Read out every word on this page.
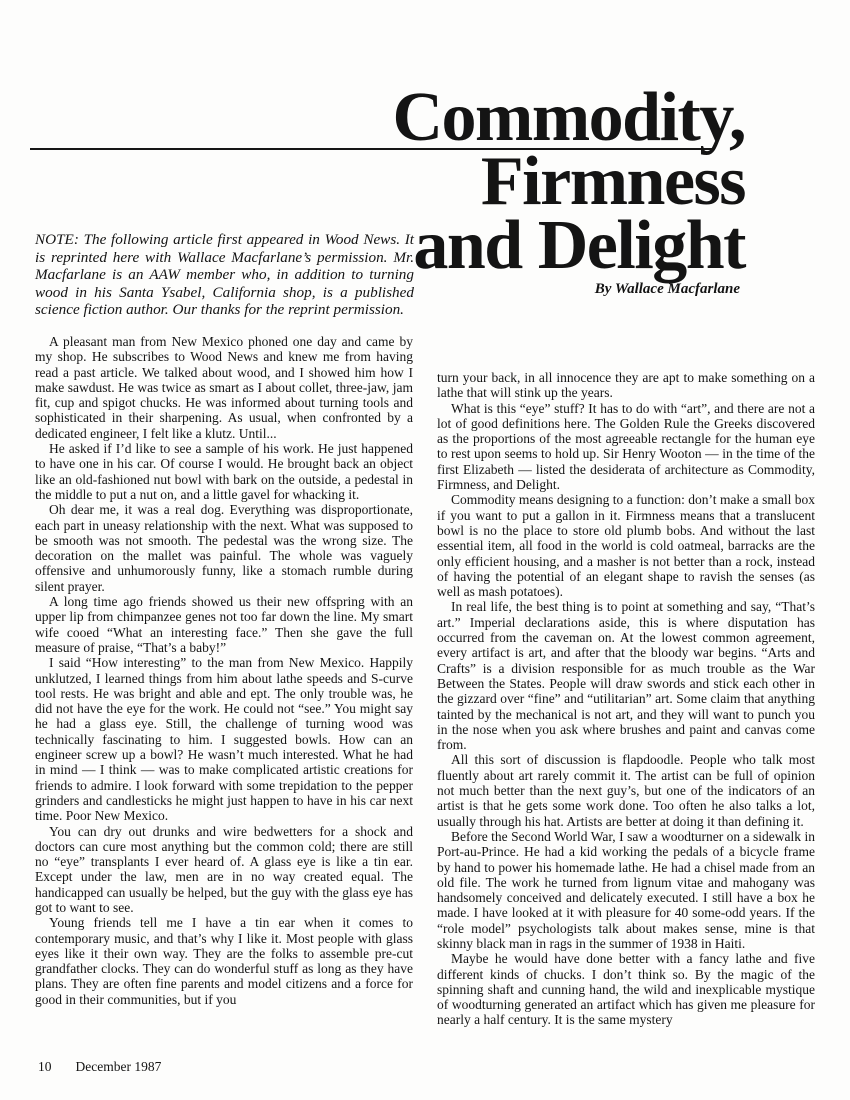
Commodity,
Firmness
and Delight
By Wallace Macfarlane
NOTE: The following article first appeared in Wood News. It is reprinted here with Wallace Macfarlane’s permission. Mr. Macfarlane is an AAW member who, in addition to turning wood in his Santa Ysabel, California shop, is a published science fiction author. Our thanks for the reprint permission.

A pleasant man from New Mexico phoned one day and came by my shop. He subscribes to Wood News and knew me from having read a past article. We talked about wood, and I showed him how I make sawdust. He was twice as smart as I about collet, three-jaw, jam fit, cup and spigot chucks. He was informed about turning tools and sophisticated in their sharpening. As usual, when confronted by a dedicated engineer, I felt like a klutz. Until...

He asked if I’d like to see a sample of his work. He just happened to have one in his car. Of course I would. He brought back an object like an old-fashioned nut bowl with bark on the outside, a pedestal in the middle to put a nut on, and a little gavel for whacking it.

Oh dear me, it was a real dog. Everything was disproportionate, each part in uneasy relationship with the next. What was supposed to be smooth was not smooth. The pedestal was the wrong size. The decoration on the mallet was painful. The whole was vaguely offensive and unhumorously funny, like a stomach rumble during silent prayer.

A long time ago friends showed us their new offspring with an upper lip from chimpanzee genes not too far down the line. My smart wife cooed “What an interesting face.” Then she gave the full measure of praise, “That’s a baby!”

I said “How interesting” to the man from New Mexico. Happily unklutzed, I learned things from him about lathe speeds and S-curve tool rests. He was bright and able and ept. The only trouble was, he did not have the eye for the work. He could not “see.” You might say he had a glass eye. Still, the challenge of turning wood was technically fascinating to him. I suggested bowls. How can an engineer screw up a bowl? He wasn’t much interested. What he had in mind — I think — was to make complicated artistic creations for friends to admire. I look forward with some trepidation to the pepper grinders and candlesticks he might just happen to have in his car next time. Poor New Mexico.

You can dry out drunks and wire bedwetters for a shock and doctors can cure most anything but the common cold; there are still no “eye” transplants I ever heard of. A glass eye is like a tin ear. Except under the law, men are in no way created equal. The handicapped can usually be helped, but the guy with the glass eye has got to want to see.

Young friends tell me I have a tin ear when it comes to contemporary music, and that’s why I like it. Most people with glass eyes like it their own way. They are the folks to assemble pre-cut grandfather clocks. They can do wonderful stuff as long as they have plans. They are often fine parents and model citizens and a force for good in their communities, but if you

turn your back, in all innocence they are apt to make something on a lathe that will stink up the years.

What is this “eye” stuff? It has to do with “art”, and there are not a lot of good definitions here. The Golden Rule the Greeks discovered as the proportions of the most agreeable rectangle for the human eye to rest upon seems to hold up. Sir Henry Wooton — in the time of the first Elizabeth — listed the desiderata of architecture as Commodity, Firmness, and Delight.

Commodity means designing to a function: don’t make a small box if you want to put a gallon in it. Firmness means that a translucent bowl is no the place to store old plumb bobs. And without the last essential item, all food in the world is cold oatmeal, barracks are the only efficient housing, and a masher is not better than a rock, instead of having the potential of an elegant shape to ravish the senses (as well as mash potatoes).

In real life, the best thing is to point at something and say, “That’s art.” Imperial declarations aside, this is where disputation has occurred from the caveman on. At the lowest common agreement, every artifact is art, and after that the bloody war begins. “Arts and Crafts” is a division responsible for as much trouble as the War Between the States. People will draw swords and stick each other in the gizzard over “fine” and “utilitarian” art. Some claim that anything tainted by the mechanical is not art, and they will want to punch you in the nose when you ask where brushes and paint and canvas come from.

All this sort of discussion is flapdoodle. People who talk most fluently about art rarely commit it. The artist can be full of opinion not much better than the next guy’s, but one of the indicators of an artist is that he gets some work done. Too often he also talks a lot, usually through his hat. Artists are better at doing it than defining it.

Before the Second World War, I saw a woodturner on a sidewalk in Port-au-Prince. He had a kid working the pedals of a bicycle frame by hand to power his homemade lathe. He had a chisel made from an old file. The work he turned from lignum vitae and mahogany was handsomely conceived and delicately executed. I still have a box he made. I have looked at it with pleasure for 40 some-odd years. If the “role model” psychologists talk about makes sense, mine is that skinny black man in rags in the summer of 1938 in Haiti.

Maybe he would have done better with a fancy lathe and five different kinds of chucks. I don’t think so. By the magic of the spinning shaft and cunning hand, the wild and inexplicable mystique of woodturning generated an artifact which has given me pleasure for nearly a half century. It is the same mystery

10 December 1987
